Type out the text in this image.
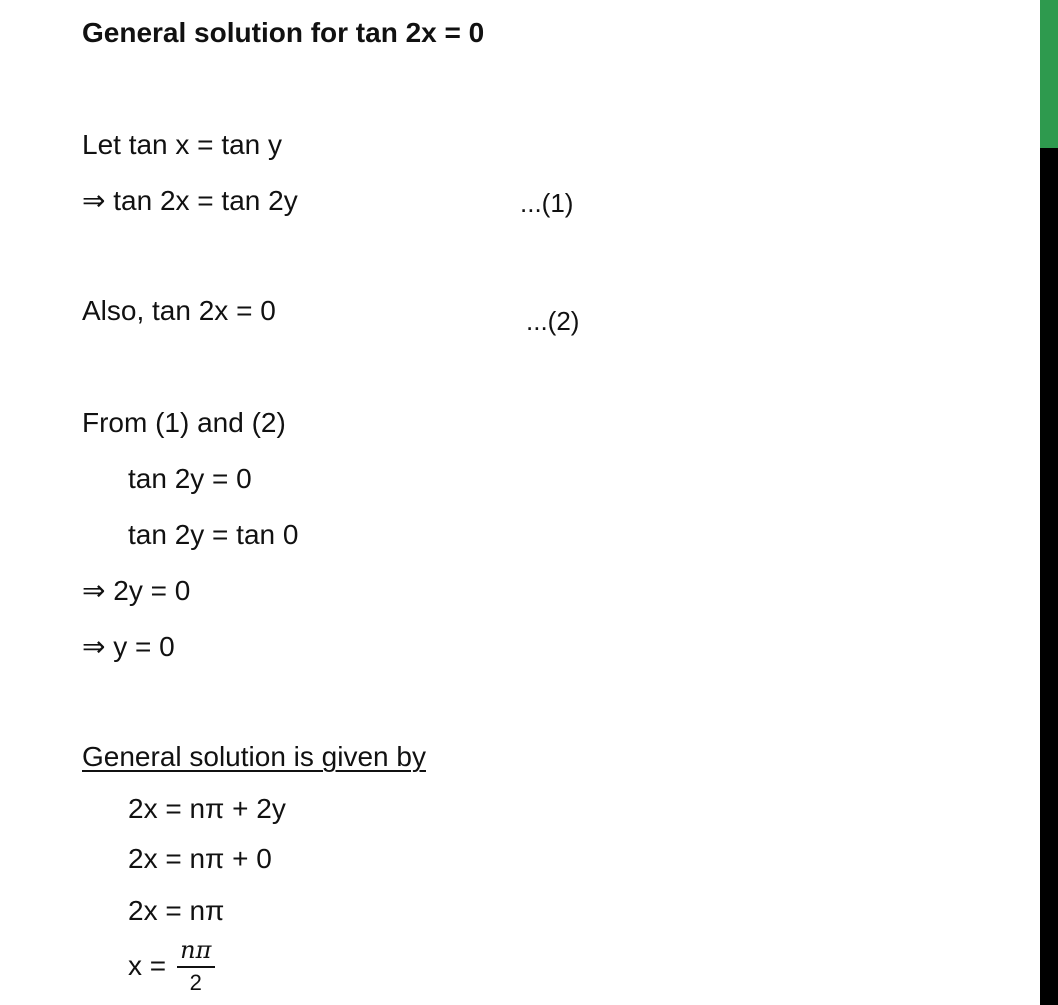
General solution for tan 2x = 0
Let tan x = tan y
⇒ tan 2x = tan 2y	...(1)
Also, tan 2x = 0	...(2)
From (1) and (2)
tan 2y = 0
tan 2y = tan 0
⇒ 2y = 0
⇒ y = 0
General solution is given by
2x = nπ + 2y
2x = nπ + 0
2x = nπ
$x = \frac{n\pi}{2}$
